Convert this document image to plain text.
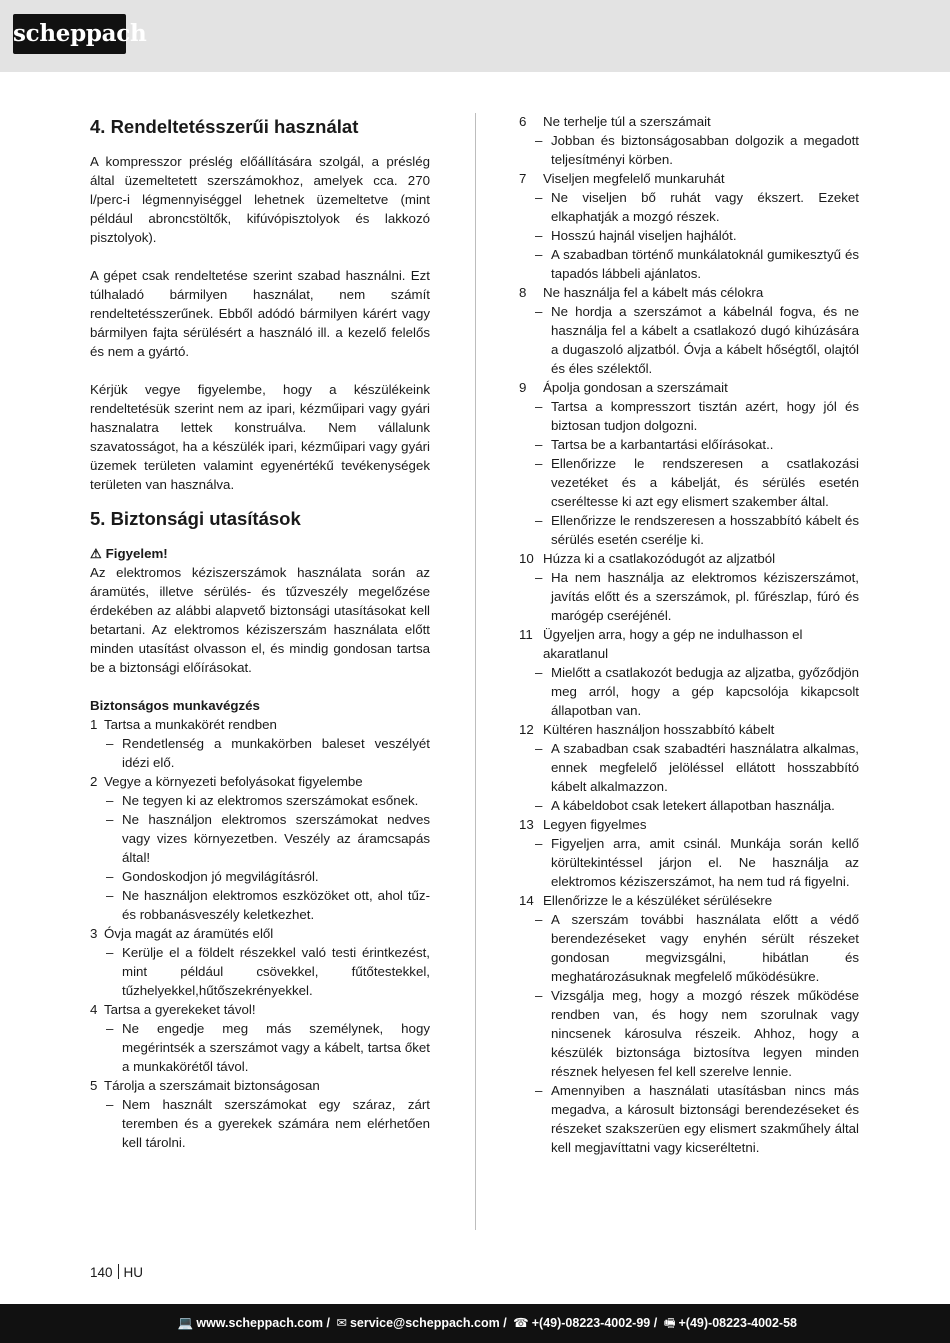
scheppach
4. Rendeltetésszerűi használat

A kompresszor préslég előállítására szolgál, a préslég által üzemeltetett szerszámokhoz, amelyek cca. 270 l/perc-i légmennyiséggel lehetnek üzemeltetve (mint például abroncstöltők, kifúvópisztolyok és lakkozó pisztolyok).

A gépet csak rendeltetése szerint szabad használni. Ezt túlhaladó bármilyen használat, nem számít rendeltetésszerűnek. Ebből adódó bármilyen kárért vagy bármilyen fajta sérülésért a használó ill. a kezelő felelős és nem a gyártó.

Kérjük vegye figyelembe, hogy a készülékeink rendeltetésük szerint nem az ipari, kézműipari vagy gyári hasznalatra lettek konstruálva. Nem vállalunk szavatosságot, ha a készülék ipari, kézműipari vagy gyári üzemek területen valamint egyenértékű tevékenységek területen van használva.

5. Biztonsági utasítások
⚠ Figyelem!

Az elektromos kéziszerszámok használata során az áramütés, illetve sérülés- és tűzveszély megelőzése érdekében az alábbi alapvető biztonsági utasításokat kell betartani. Az elektromos kéziszerszám használata előtt minden utasítást olvasson el, és mindig gondosan tartsa be a biztonsági előírásokat.

Biztonságos munkavégzés
1 Tartsa a munkakörét rendben
– Rendetlenség a munkakörben baleset veszélyét idézi elő.
2 Vegye a környezeti befolyásokat figyelembe
– Ne tegyen ki az elektromos szerszámokat esőnek.
– Ne használjon elektromos szerszámokat nedves vagy vizes környezetben. Veszély az áramcsapás által!
– Gondoskodjon jó megvilágításról.
– Ne használjon elektromos eszközöket ott, ahol tűz- és robbanásveszély keletkezhet.
3 Óvja magát az áramütés elől
– Kerülje el a földelt részekkel való testi érintkezést, mint például csövekkel, fűtőtestekkel, tűzhelyekkel,hűtőszekrényekkel.
4 Tartsa a gyerekeket távol!
– Ne engedje meg más személynek, hogy megérintsék a szerszámot vagy a kábelt, tartsa őket a munkakörétől távol.
5 Tárolja a szerszámait biztonságosan
– Nem használt szerszámokat egy száraz, zárt teremben és a gyerekek számára nem elérhetően kell tárolni.
6	Ne terhelje túl a szerszámait
– Jobban és biztonságosabban dolgozik a megadott teljesítményi körben.
7	Viseljen megfelelő munkaruhát
– Ne viseljen bő ruhát vagy ékszert. Ezeket elkaphatják a mozgó részek.
– Hosszú hajnál viseljen hajhálót.
– A szabadban történő munkálatoknál gumikesztyű és tapadós lábbeli ajánlatos.
8	Ne használja fel a kábelt más célokra
– Ne hordja a szerszámot a kábelnál fogva, és ne használja fel a kábelt a csatlakozó dugó kihúzására a dugaszoló aljzatból. Óvja a kábelt hőségtől, olajtól és éles szélektől.
9	Ápolja gondosan a szerszámait
– Tartsa a kompresszort tisztán azért, hogy jól és biztosan tudjon dolgozni.
– Tartsa be a karbantartási előírásokat..
– Ellenőrizze le rendszeresen a csatlakozási vezetéket és a kábelját, és sérülés esetén cseréltesse ki azt egy elismert szakember által.
– Ellenőrizze le rendszeresen a hosszabbító kábelt és sérülés esetén cserélje ki.
10 Húzza ki a csatlakozódugót az aljzatból
– Ha nem használja az elektromos kéziszerszámot, javítás előtt és a szerszámok, pl. fűrészlap, fúró és marógép cseréjénél.
11 Ügyeljen arra, hogy a gép ne indulhasson el akaratlanul
– Mielőtt a csatlakozót bedugja az aljzatba, győződjön meg arról, hogy a gép kapcsolója kikapcsolt állapotban van.
12 Kültéren használjon hosszabbító kábelt
– A szabadban csak szabadtéri használatra alkalmas, ennek megfelelő jelöléssel ellátott hosszabbító kábelt alkalmazzon.
– A kábeldobot csak letekert állapotban használja.
13 Legyen figyelmes
– Figyeljen arra, amit csinál. Munkája során kellő körültekintéssel járjon el. Ne használja az elektromos kéziszerszámot, ha nem tud rá figyelni.
14 Ellenőrizze le a készüléket sérülésekre
– A szerszám további használata előtt a védő berendezéseket vagy enyhén sérült részeket gondosan megvizsgálni, hibátlan és meghatározásuknak megfelelő működésükre.
– Vizsgálja meg, hogy a mozgó részek működése rendben van, és hogy nem szorulnak vagy nincsenek károsulva részeik. Ahhoz, hogy a készülék biztonsága biztosítva legyen minden résznek helyesen fel kell szerelve lennie.
– Amennyiben a használati utasításban nincs más megadva, a károsult biztonsági berendezéseket és részeket szakszerüen egy elismert szakműhely által kell megjavíttatni vagy kicseréltetni.
140 HU
💻 www.scheppach.com / ✉ service@scheppach.com / ☎ +(49)-08223-4002-99 / 🖷 +(49)-08223-4002-58
